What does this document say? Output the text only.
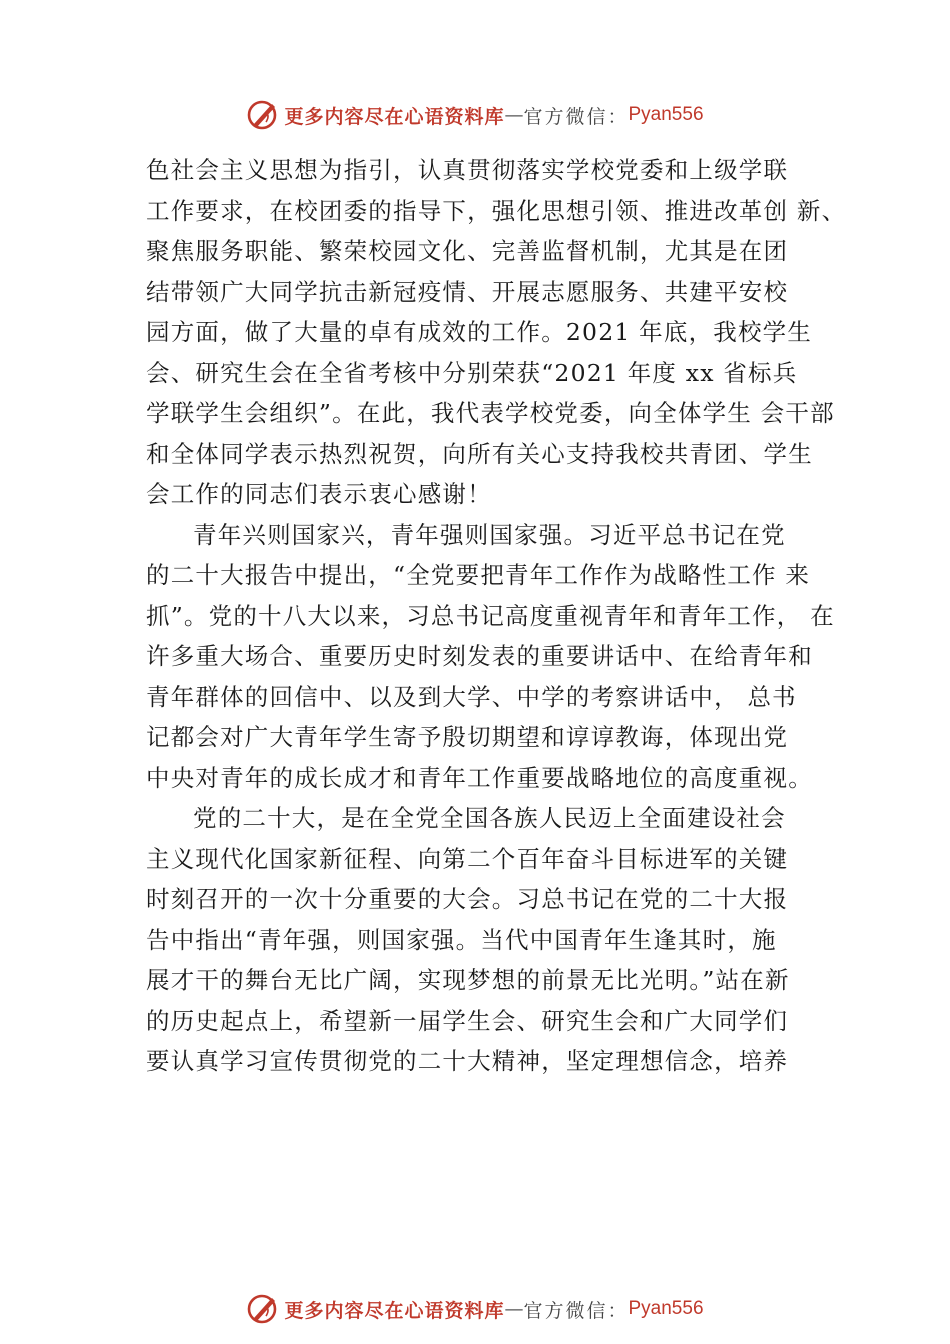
更多内容尽在心语资料库 — 官方微信： Pyan556
色社会主义思想为指引，认真贯彻落实学校党委和上级学联
工作要求，在校团委的指导下，强化思想引领、推进改革创 新、
聚焦服务职能、繁荣校园文化、完善监督机制，尤其是在团
结带领广大同学抗击新冠疫情、开展志愿服务、共建平安校
园方面，做了大量的卓有成效的工作。2021 年底，我校学生
会、研究生会在全省考核中分别荣获“2021 年度 xx 省标兵
学联学生会组织”。在此，我代表学校党委，向全体学生 会干部
和全体同学表示热烈祝贺，向所有关心支持我校共青团、学生
会工作的同志们表示衷心感谢！
青年兴则国家兴，青年强则国家强。习近平总书记在党
的二十大报告中提出，“全党要把青年工作作为战略性工作 来
抓”。党的十八大以来，习总书记高度重视青年和青年工作， 在
许多重大场合、重要历史时刻发表的重要讲话中、在给青年和
青年群体的回信中、以及到大学、中学的考察讲话中， 总书
记都会对广大青年学生寄予殷切期望和谆谆教诲，体现出党
中央对青年的成长成才和青年工作重要战略地位的高度重视。
党的二十大，是在全党全国各族人民迈上全面建设社会
主义现代化国家新征程、向第二个百年奋斗目标进军的关键
时刻召开的一次十分重要的大会。习总书记在党的二十大报
告中指出“青年强，则国家强。当代中国青年生逢其时，施
展才干的舞台无比广阔，实现梦想的前景无比光明。”站在新
的历史起点上，希望新一届学生会、研究生会和广大同学们
要认真学习宣传贯彻党的二十大精神，坚定理想信念，培养
更多内容尽在心语资料库 — 官方微信： Pyan556
